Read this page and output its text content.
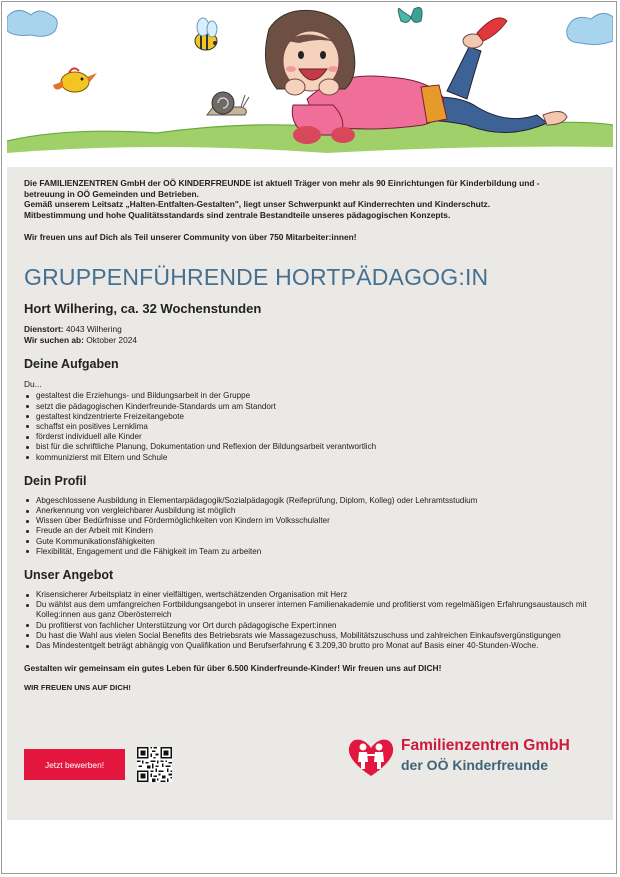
Die FAMILIENZENTREN GmbH der OÖ KINDERFREUNDE ist aktuell Träger von mehr als 90 Einrichtungen für Kinderbildung und -
betreuung in OÖ Gemeinden und Betrieben.
Gemäß unserem Leitsatz „Halten-Entfalten-Gestalten", liegt unser Schwerpunkt auf Kinderrechten und Kinderschutz.
Mitbestimmung und hohe Qualitätsstandards sind zentrale Bestandteile unseres pädagogischen Konzepts.

Wir freuen uns auf Dich als Teil unserer Community von über 750 Mitarbeiter:innen!

GRUPPENFÜHRENDE HORTPÄDAGOG:IN
Hort Wilhering, ca. 32 Wochenstunden
Dienstort: 4043 Wilhering
Wir suchen ab: Oktober 2024
Deine Aufgaben

Du...

gestaltest die Erziehungs- und Bildungsarbeit in der Gruppe
setzt die pädagogischen Kinderfreunde-Standards um am Standort
gestaltest kindzentrierte Freizeitangebote
schaffst ein positives Lernklima
förderst individuell alle Kinder
bist für die schriftliche Planung, Dokumentation und Reflexion der Bildungsarbeit verantwortlich
kommunizierst mit Eltern und Schule
Dein Profil
Abgeschlossene Ausbildung in Elementarpädagogik/Sozialpädagogik (Reifeprüfung, Diplom, Kolleg) oder Lehramtsstudium
Anerkennung von vergleichbarer Ausbildung ist möglich
Wissen über Bedürfnisse und Fördermöglichkeiten von Kindern im Volksschulalter
Freude an der Arbeit mit Kindern
Gute Kommunikationsfähigkeiten
Flexibilität, Engagement und die Fähigkeit im Team zu arbeiten
Unser Angebot
Krisensicherer Arbeitsplatz in einer vielfältigen, wertschätzenden Organisation mit Herz
Du wählst aus dem umfangreichen Fortbildungsangebot in unserer internen Familienakademie und profitierst vom regelmäßigen Erfahrungsaustausch mit Kolleg:innen aus ganz Oberösterreich
Du profitierst von fachlicher Unterstützung vor Ort durch pädagogische Expert:innen
Du hast die Wahl aus vielen Social Benefits des Betriebsrats wie Massagezuschuss, Mobilitätszuschuss und zahlreichen Einkaufsvergünstigungen
Das Mindestentgelt beträgt abhängig von Qualifikation und Berufserfahrung € 3.209,30 brutto pro Monat auf Basis einer 40-Stunden-Woche.

Gestalten wir gemeinsam ein gutes Leben für über 6.500 Kinderfreunde-Kinder! Wir freuen uns auf DICH!

WIR FREUEN UNS AUF DICH!

Jetzt bewerben!
Familienzentren GmbH
der OÖ Kinderfreunde
